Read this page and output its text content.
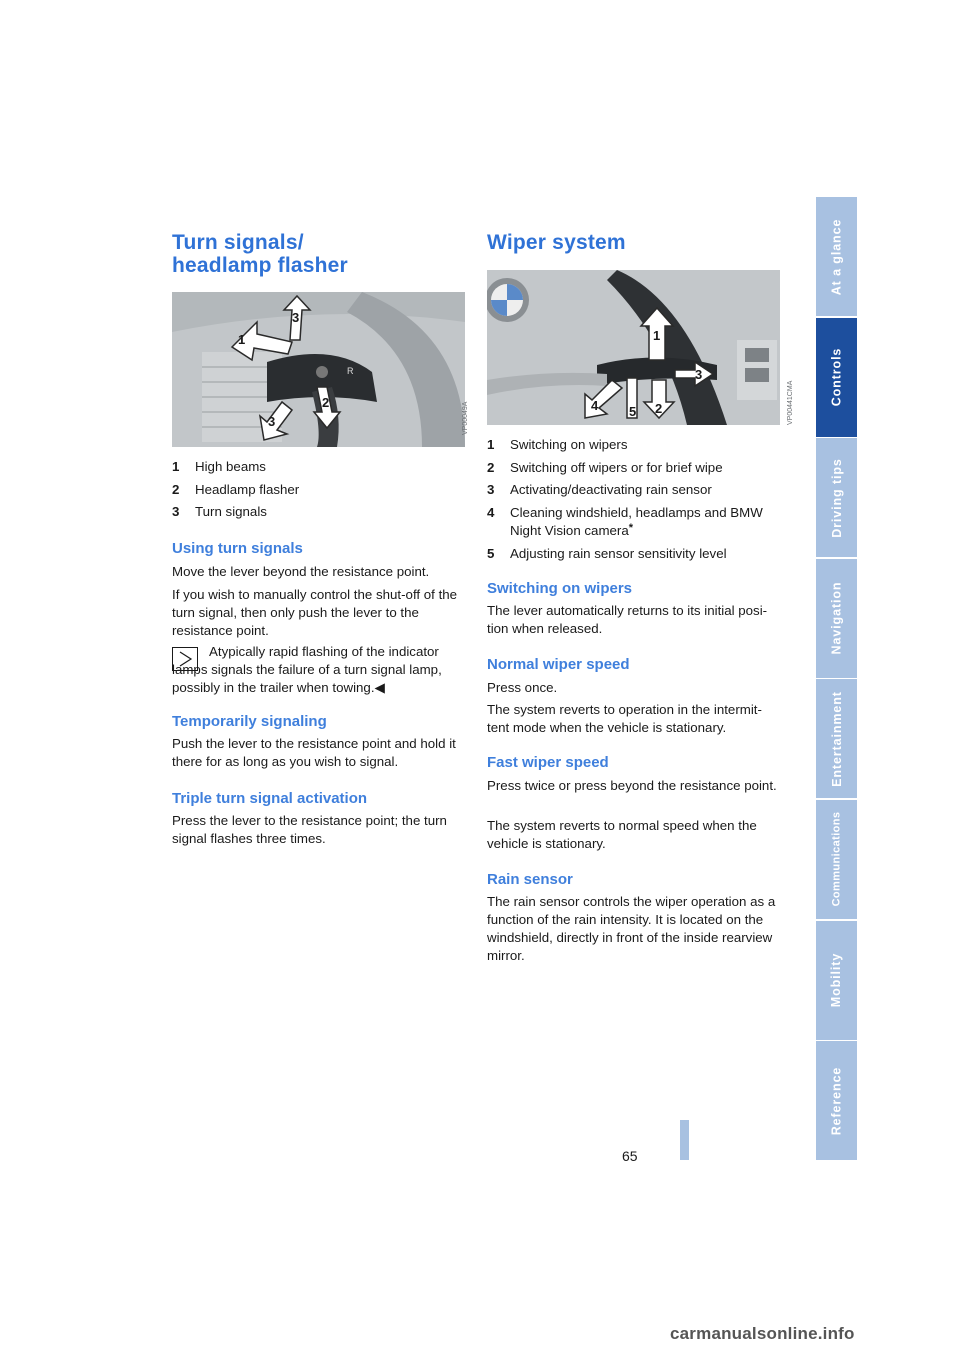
Turn signals/
headlamp flasher
R
1
3
2
3	VP00049A
1 High beams
2 Headlamp flasher
3 Turn signals
Using turn signals

Move the lever beyond the resistance point.

If you wish to manually control the shut-off of the turn signal, then only push the lever to the resistance point.

Atypically rapid flashing of the indicator lamps signals the failure of a turn signal lamp, possibly in the trailer when towing.◀

Temporarily signaling

Push the lever to the resistance point and hold it there for as long as you wish to signal.

Triple turn signal activation

Press the lever to the resistance point; the turn signal flashes three times.

Wiper system
1
3
2
4 5	VP00441CMA
1 Switching on wipers
2 Switching off wipers or for brief wipe
3 Activating/deactivating rain sensor
4 Cleaning windshield, headlamps and BMW Night Vision camera*
5 Adjusting rain sensor sensitivity level
Switching on wipers

The lever automatically returns to its initial posi-tion when released.

Normal wiper speed

Press once.

The system reverts to operation in the intermit-tent mode when the vehicle is stationary.

Fast wiper speed

Press twice or press beyond the resistance point.

The system reverts to normal speed when the vehicle is stationary.

Rain sensor

The rain sensor controls the wiper operation as a function of the rain intensity. It is located on the windshield, directly in front of the inside rearview mirror.

At a glance
Controls
Driving tips
Navigation
Entertainment
Communications
Mobility
Reference
65
carmanualsonline.info
